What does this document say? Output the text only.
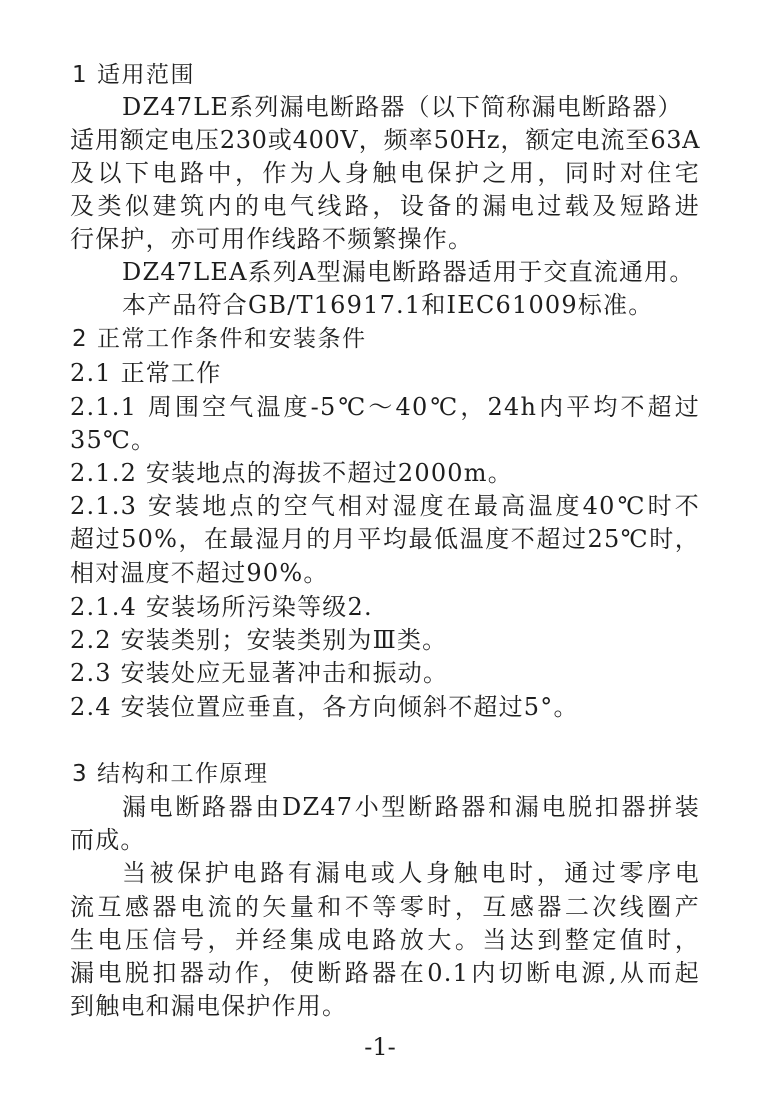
1 适用范围
DZ47LE系列漏电断路器（以下简称漏电断路器）
适用额定电压230或400V，频率50Hz，额定电流至63A
及以下电路中，作为人身触电保护之用，同时对住宅
及类似建筑内的电气线路，设备的漏电过载及短路进
行保护，亦可用作线路不频繁操作。
DZ47LEA系列A型漏电断路器适用于交直流通用。
本产品符合GB/T16917.1和IEC61009标准。
2 正常工作条件和安装条件
2.1 正常工作
2.1.1 周围空气温度-5℃～40℃，24h内平均不超过
35℃。
2.1.2 安装地点的海拔不超过2000m。
2.1.3 安装地点的空气相对湿度在最高温度40℃时不
超过50%，在最湿月的月平均最低温度不超过25℃时，
相对温度不超过90%。
2.1.4 安装场所污染等级2.
2.2 安装类别；安装类别为Ⅲ类。
2.3 安装处应无显著冲击和振动。
2.4 安装位置应垂直，各方向倾斜不超过5°。
3 结构和工作原理
漏电断路器由DZ47小型断路器和漏电脱扣器拼装
而成。
当被保护电路有漏电或人身触电时，通过零序电
流互感器电流的矢量和不等零时，互感器二次线圈产
生电压信号，并经集成电路放大。当达到整定值时，
漏电脱扣器动作，使断路器在0.1内切断电源,从而起
到触电和漏电保护作用。
-1-
